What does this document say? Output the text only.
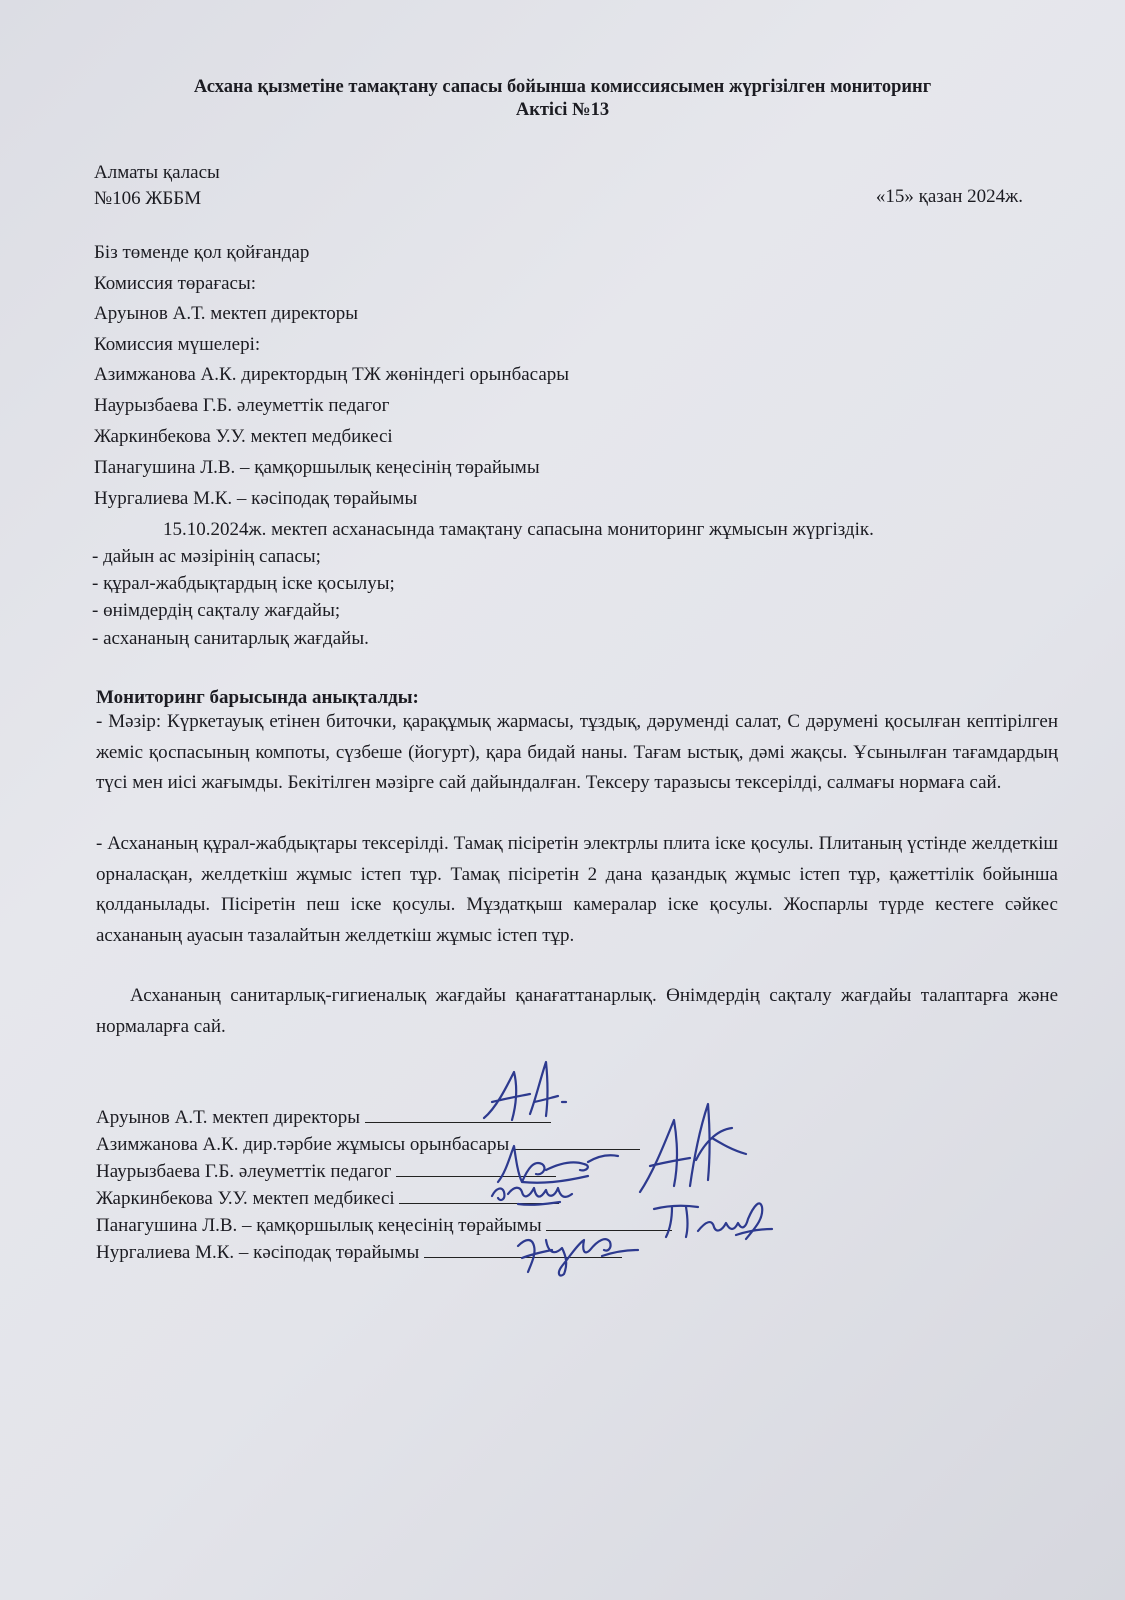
Асхана қызметіне тамақтану сапасы бойынша комиссиясымен жүргізілген мониторинг
Актісі №13
Алматы қаласы
№106 ЖББМ	«15» қазан 2024ж.
Біз төменде қол қойғандар
Комиссия төрағасы:
Аруынов А.Т. мектеп директоры
Комиссия мүшелері:
Азимжанова А.К. директордың ТЖ жөніндегі орынбасары
Наурызбаева Г.Б. әлеуметтік педагог
Жаркинбекова У.У. мектеп медбикесі
Панагушина Л.В. – қамқоршылық кеңесінің төрайымы
Нургалиева М.К. – кәсіподақ төрайымы
15.10.2024ж. мектеп асханасында тамақтану сапасына мониторинг жұмысын жүргіздік.
- дайын ас мәзірінің сапасы;
- құрал-жабдықтардың іске қосылуы;
- өнімдердің сақталу жағдайы;
- асхананың санитарлық жағдайы.
Мониторинг барысында анықталды:
- Мәзір: Күркетауық етінен биточки, қарақұмық жармасы, тұздық, дәруменді салат, С дәрумені қосылған кептірілген жеміс қоспасының компоты, сүзбеше (йогурт), қара бидай наны. Тағам ыстық, дәмі жақсы. Ұсынылған тағамдардың түсі мен иісі жағымды. Бекітілген мәзірге сай дайындалған. Тексеру таразысы тексерілді, салмағы нормаға сай.
- Асхананың құрал-жабдықтары тексерілді. Тамақ пісіретін электрлы плита іске қосулы. Плитаның үстінде желдеткіш орналасқан, желдеткіш жұмыс істеп тұр. Тамақ пісіретін 2 дана қазандық жұмыс істеп тұр, қажеттілік бойынша қолданылады. Пісіретін пеш іске қосулы. Мұздатқыш камералар іске қосулы. Жоспарлы түрде кестеге сәйкес асхананың ауасын тазалайтын желдеткіш жұмыс істеп тұр.
Асхананың санитарлық-гигиеналық жағдайы қанағаттанарлық. Өнімдердің сақталу жағдайы талаптарға және нормаларға сай.
Аруынов А.Т. мектеп директоры
Азимжанова А.К. дир.тәрбие жұмысы орынбасары
Наурызбаева Г.Б. әлеуметтік педагог
Жаркинбекова У.У. мектеп медбикесі
Панагушина Л.В. – қамқоршылық кеңесінің төрайымы
Нургалиева М.К. – кәсіподақ төрайымы
